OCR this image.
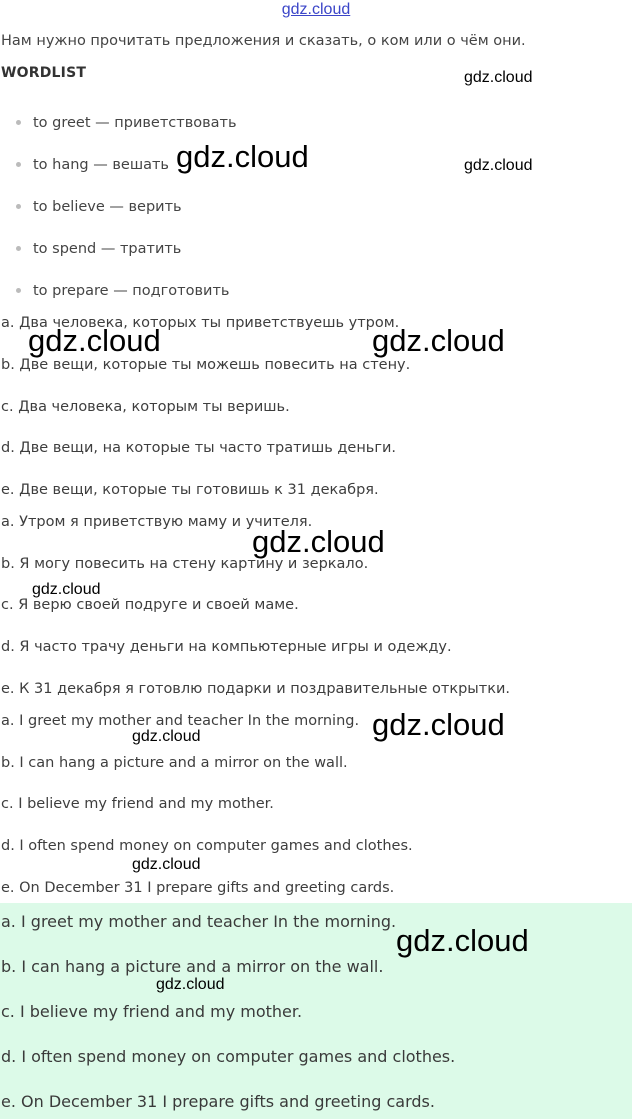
gdz.cloud
Нам нужно прочитать предложения и сказать, о ком или о чём они.
WORDLIST
to greet — приветствовать
to hang — вешать
to believe — верить
to spend — тратить
to prepare — подготовить
a. Два человека, которых ты приветствуешь утром.
b. Две вещи, которые ты можешь повесить на стену.
c. Два человека, которым ты веришь.
d. Две вещи, на которые ты часто тратишь деньги.
e. Две вещи, которые ты готовишь к 31 декабря.
a. Утром я приветствую маму и учителя.
b. Я могу повесить на стену картину и зеркало.
c. Я верю своей подруге и своей маме.
d. Я часто трачу деньги на компьютерные игры и одежду.
e. К 31 декабря я готовлю подарки и поздравительные открытки.
a. I greet my mother and teacher In the morning.
b. I can hang a picture and a mirror on the wall.
c. I believe my friend and my mother.
d. I often spend money on computer games and clothes.
e. On December 31 I prepare gifts and greeting cards.
a. I greet my mother and teacher In the morning.
b. I can hang a picture and a mirror on the wall.
c. I believe my friend and my mother.
d. I often spend money on computer games and clothes.
e. On December 31 I prepare gifts and greeting cards.
gdz.cloud
gdz.cloud	gdz.cloud
gdz.cloud	gdz.cloud
gdz.cloud
gdz.cloud
gdz.cloud
gdz.cloud
gdz.cloud
gdz.cloud
gdz.cloud
